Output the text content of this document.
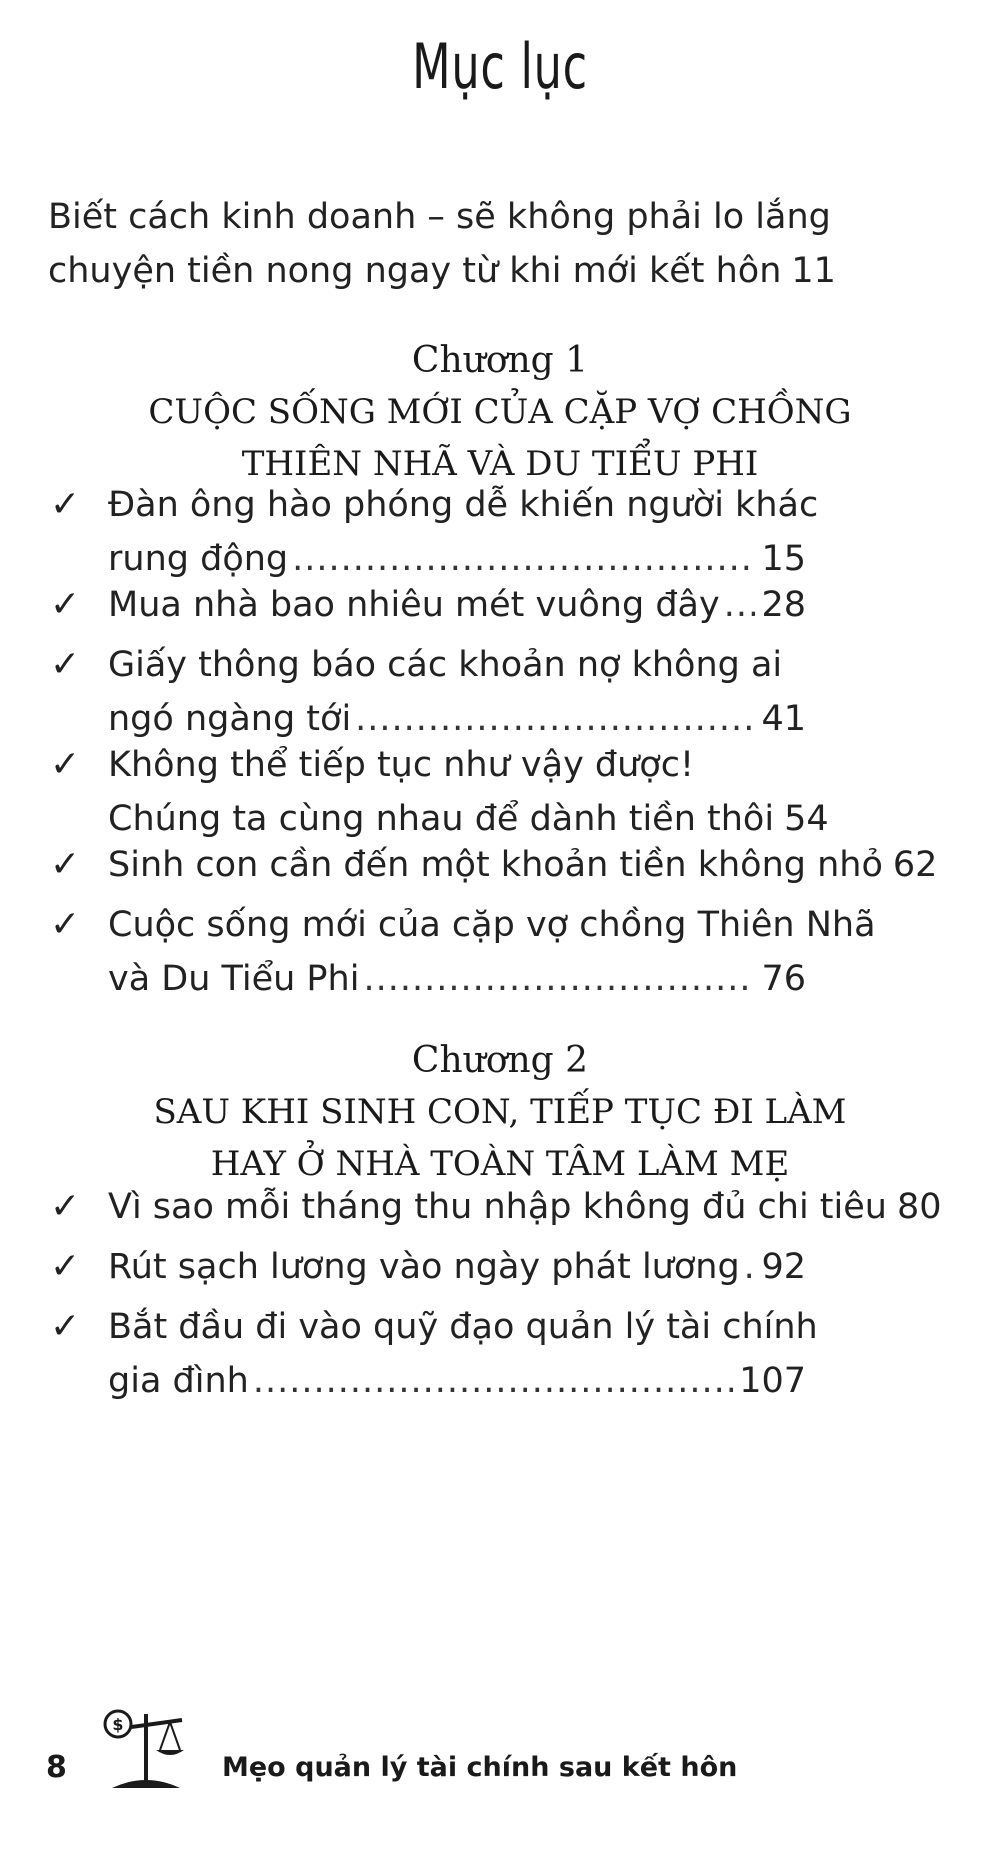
Mục lục
Biết cách kinh doanh – sẽ không phải lo lắng
chuyện tiền nong ngay từ khi mới kết hôn 11
Chương 1
CUỘC SỐNG MỚI CỦA CẶP VỢ CHỒNG
THIÊN NHÃ VÀ DU TIỂU PHI
✓ Đàn ông hào phóng dễ khiến người khác
rung động .....	15
✓ Mua nhà bao nhiêu mét vuông đây ..... 28
✓ Giấy thông báo các khoản nợ không ai
ngó ngàng tới .....	41
✓ Không thể tiếp tục như vậy được!
Chúng ta cùng nhau để dành tiền thôi 54
✓ Sinh con cần đến một khoản tiền không nhỏ 62
✓ Cuộc sống mới của cặp vợ chồng Thiên Nhã
và Du Tiểu Phi .....	76
Chương 2
SAU KHI SINH CON, TIẾP TỤC ĐI LÀM
HAY Ở NHÀ TOÀN TÂM LÀM MẸ
✓ Vì sao mỗi tháng thu nhập không đủ chi tiêu 80
✓ Rút sạch lương vào ngày phát lương ..... 92
✓ Bắt đầu đi vào quỹ đạo quản lý tài chính
gia đình .....	107
8
$
Mẹo quản lý tài chính sau kết hôn
